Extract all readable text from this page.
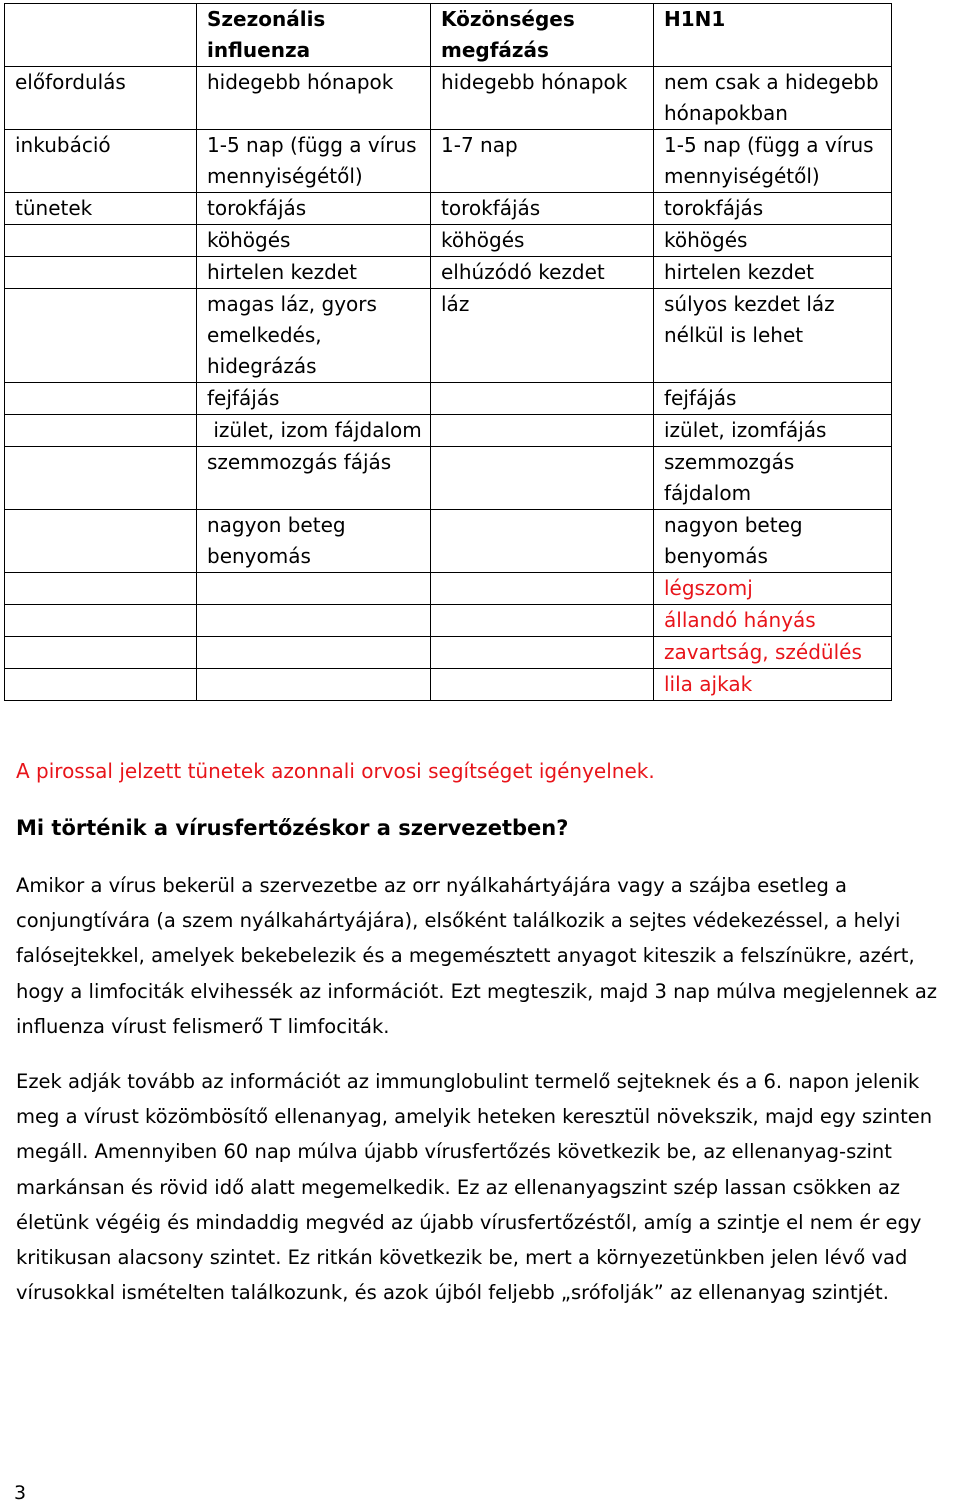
	Szezonális influenza	Közönséges megfázás	H1N1
előfordulás	hidegebb hónapok	hidegebb hónapok	nem csak a hidegebb hónapokban
inkubáció	1-5 nap (függ a vírus mennyiségétől)	1-7 nap	1-5 nap (függ a vírus mennyiségétől)
tünetek	torokfájás	torokfájás	torokfájás
	köhögés	köhögés	köhögés
	hirtelen kezdet	elhúzódó kezdet	hirtelen kezdet
	magas láz, gyors emelkedés, hidegrázás	láz	súlyos kezdet láz nélkül is lehet
	fejfájás		fejfájás
	izület, izom fájdalom		izület, izomfájás
	szemmozgás fájás		szemmozgás fájdalom
	nagyon beteg benyomás		nagyon beteg benyomás
			légszomj
			állandó hányás
			zavartság, szédülés
			lila ajkak
A pirossal jelzett tünetek azonnali orvosi segítséget igényelnek.
Mi történik a vírusfertőzéskor a szervezetben?

Amikor a vírus bekerül a szervezetbe az orr nyálkahártyájára vagy a szájba esetleg a conjungtívára (a szem nyálkahártyájára), elsőként találkozik a sejtes védekezéssel, a helyi falósejtekkel, amelyek bekebelezik és a megemésztett anyagot kiteszik a felszínükre, azért, hogy a limfociták elvihessék az információt. Ezt megteszik, majd 3 nap múlva megjelennek az influenza vírust felismerő T limfociták.

Ezek adják tovább az információt az immunglobulint termelő sejteknek és a 6. napon jelenik meg a vírust közömbösítő ellenanyag, amelyik heteken keresztül növekszik, majd egy szinten megáll. Amennyiben 60 nap múlva újabb vírusfertőzés következik be, az ellenanyag-szint markánsan és rövid idő alatt megemelkedik. Ez az ellenanyagszint szép lassan csökken az életünk végéig és mindaddig megvéd az újabb vírusfertőzéstől, amíg a szintje el nem ér egy kritikusan alacsony szintet. Ez ritkán következik be, mert a környezetünkben jelen lévő vad vírusokkal ismételten találkozunk, és azok újból feljebb „srófolják” az ellenanyag szintjét.

3
